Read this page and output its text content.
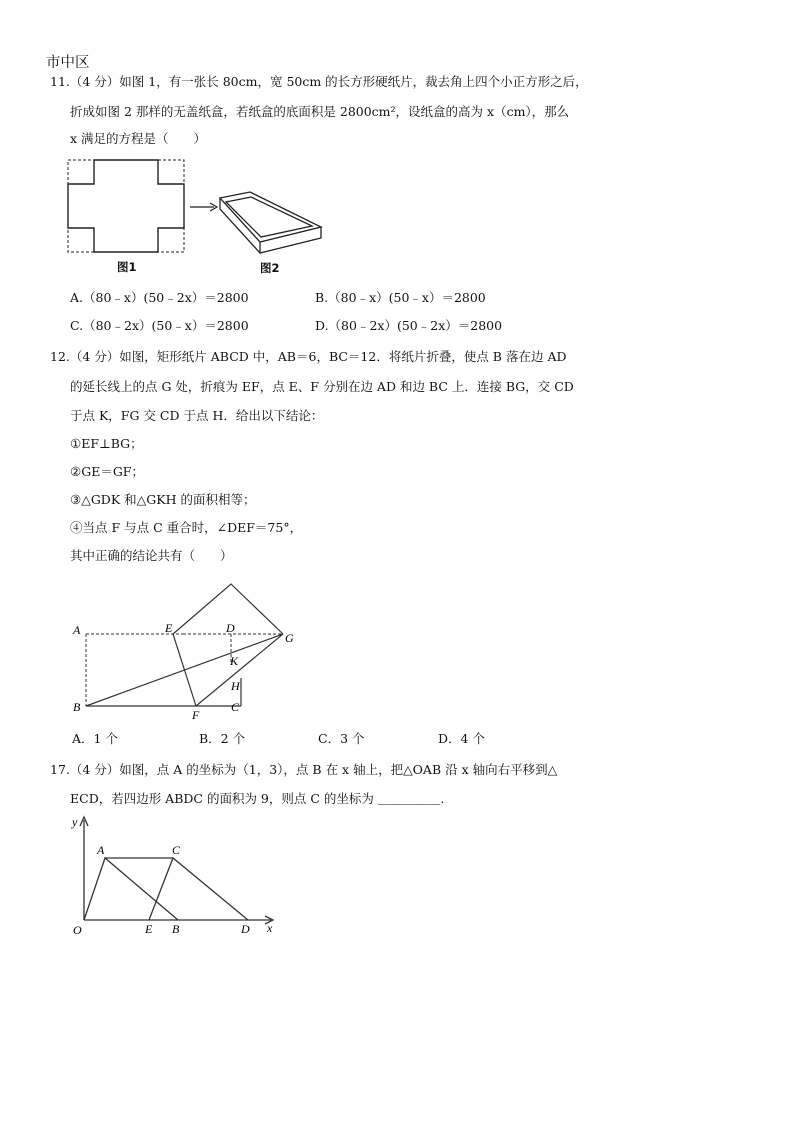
市中区
11.（4 分）如图 1，有一张长 80cm，宽 50cm 的长方形硬纸片，裁去角上四个小正方形之后，
折成如图 2 那样的无盖纸盒，若纸盒的底面积是 2800cm²，设纸盒的高为 x（cm），那么
x 满足的方程是（　　）
图1	图2
A.（80﹣x）(50﹣2x）＝2800	B.（80﹣x）(50﹣x）＝2800
C.（80﹣2x）(50﹣x）＝2800	D.（80﹣2x）(50﹣2x）＝2800
12.（4 分）如图，矩形纸片 ABCD 中，AB＝6，BC＝12．将纸片折叠，使点 B 落在边 AD
的延长线上的点 G 处，折痕为 EF，点 E、F 分别在边 AD 和边 BC 上．连接 BG，交 CD
于点 K，FG 交 CD 于点 H．给出以下结论：
①EF⊥BG；
②GE＝GF；
③△GDK 和△GKH 的面积相等；
④当点 F 与点 C 重合时，∠DEF＝75°，
其中正确的结论共有（　　）
A
B	C
D
E
F
G
H
K
A．1 个	B．2 个	C．3 个	D．4 个
17.（4 分）如图，点 A 的坐标为（1，3），点 B 在 x 轴上，把△OAB 沿 x 轴向右平移到△
ECD，若四边形 ABDC 的面积为 9，则点 C 的坐标为 ＿＿＿＿＿.
x
y
O
A	C
E B	D
